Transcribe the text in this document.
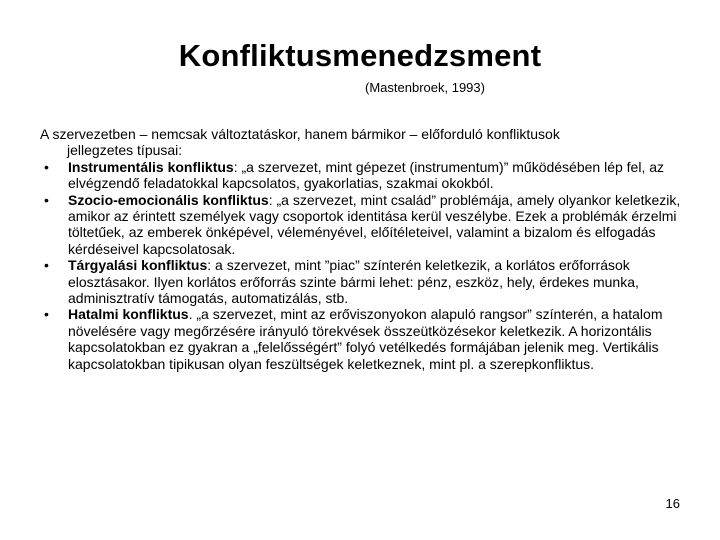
Konfliktusmenedzsment
(Mastenbroek, 1993)

A szervezetben – nemcsak változtatáskor, hanem bármikor – előforduló konfliktusok

jellegzetes típusai:

• Instrumentális konfliktus: „a szervezet, mint gépezet (instrumentum)” működésében lép fel, az elvégzendő feladatokkal kapcsolatos, gyakorlatias, szakmai okokból.
• Szocio-emocionális konfliktus: „a szervezet, mint család” problémája, amely olyankor keletkezik, amikor az érintett személyek vagy csoportok identitása kerül veszélybe. Ezek a problémák érzelmi töltetűek, az emberek önképével, véleményével, előítéleteivel, valamint a bizalom és elfogadás kérdéseivel kapcsolatosak.
• Tárgyalási konfliktus: a szervezet, mint ”piac” színterén keletkezik, a korlátos erőforrások elosztásakor. Ilyen korlátos erőforrás szinte bármi lehet: pénz, eszköz, hely, érdekes munka, adminisztratív támogatás, automatizálás, stb.
• Hatalmi konfliktus. „a szervezet, mint az erőviszonyokon alapuló rangsor” színterén, a hatalom növelésére vagy megőrzésére irányuló törekvések összeütközésekor keletkezik. A horizontális kapcsolatokban ez gyakran a „felelősségért” folyó vetélkedés formájában jelenik meg. Vertikális kapcsolatokban tipikusan olyan feszültségek keletkeznek, mint pl. a szerepkonfliktus.
16
